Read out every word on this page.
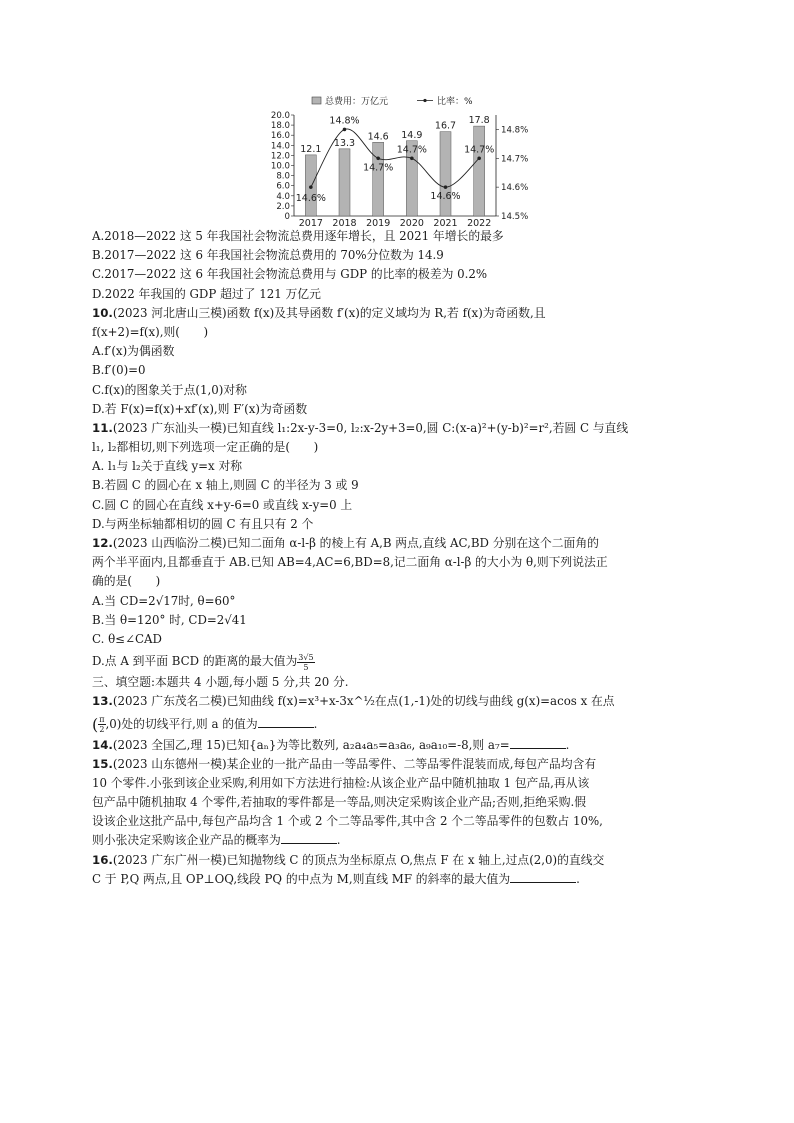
总费用：万亿元	比率：%
20.0
18.0
16.0
14.0
12.0
10.0
8.0
6.0
4.0
2.0
0
14.8%
14.7%
14.6%
14.5%
12.1
13.3
14.6 14.9
16.7
17.8
2017 2018 2019 2020 2021 2022
14.6%
14.8%
14.7%
14.7%
14.6%
14.7%
A.2018—2022 这 5 年我国社会物流总费用逐年增长，且 2021 年增长的最多
B.2017—2022 这 6 年我国社会物流总费用的 70%分位数为 14.9
C.2017—2022 这 6 年我国社会物流总费用与 GDP 的比率的极差为 0.2%
D.2022 年我国的 GDP 超过了 121 万亿元
10.(2023 河北唐山三模)函数 f(x)及其导函数 f′(x)的定义域均为 R,若 f(x)为奇函数,且
f(x+2)=f(x),则(　　)
A.f′(x)为偶函数
B.f′(0)=0
C.f(x)的图象关于点(1,0)对称
D.若 F(x)=f(x)+xf′(x),则 F′(x)为奇函数
11.(2023 广东汕头一模)已知直线 l₁:2x-y-3=0, l₂:x-2y+3=0,圆 C:(x-a)²+(y-b)²=r²,若圆 C 与直线
l₁, l₂都相切,则下列选项一定正确的是(　　)
A. l₁与 l₂关于直线 y=x 对称
B.若圆 C 的圆心在 x 轴上,则圆 C 的半径为 3 或 9
C.圆 C 的圆心在直线 x+y-6=0 或直线 x-y=0 上
D.与两坐标轴都相切的圆 C 有且只有 2 个
12.(2023 山西临汾二模)已知二面角 α-l-β 的棱上有 A,B 两点,直线 AC,BD 分别在这个二面角的
两个半平面内,且都垂直于 AB.已知 AB=4,AC=6,BD=8,记二面角 α-l-β 的大小为 θ,则下列说法正
确的是(　　)
A.当 CD=2√17时, θ=60°
B.当 θ=120° 时, CD=2√41
C. θ≤∠CAD
D.点 A 到平面 BCD 的距离的最大值为 $\frac{3√5}{5}$
三、填空题:本题共 4 小题,每小题 5 分,共 20 分.
13.(2023 广东茂名二模)已知曲线 f(x)=x³+x-3x^½在点(1,-1)处的切线与曲线 g(x)=acos x 在点
( $\frac{\pi}{2} ,0$)处的切线平行,则 a 的值为	.
14.(2023 全国乙,理 15)已知{aₙ}为等比数列, a₂a₄a₅=a₃a₆, a₉a₁₀=-8,则 a₇=	.
15.(2023 山东德州一模)某企业的一批产品由一等品零件、二等品零件混装而成,每包产品均含有
10 个零件.小张到该企业采购,利用如下方法进行抽检:从该企业产品中随机抽取 1 包产品,再从该
包产品中随机抽取 4 个零件,若抽取的零件都是一等品,则决定采购该企业产品;否则,拒绝采购.假
设该企业这批产品中,每包产品均含 1 个或 2 个二等品零件,其中含 2 个二等品零件的包数占 10%,
则小张决定采购该企业产品的概率为	.
16.(2023 广东广州一模)已知抛物线 C 的顶点为坐标原点 O,焦点 F 在 x 轴上,过点(2,0)的直线交
C 于 P,Q 两点,且 OP⊥OQ,线段 PQ 的中点为 M,则直线 MF 的斜率的最大值为	.
